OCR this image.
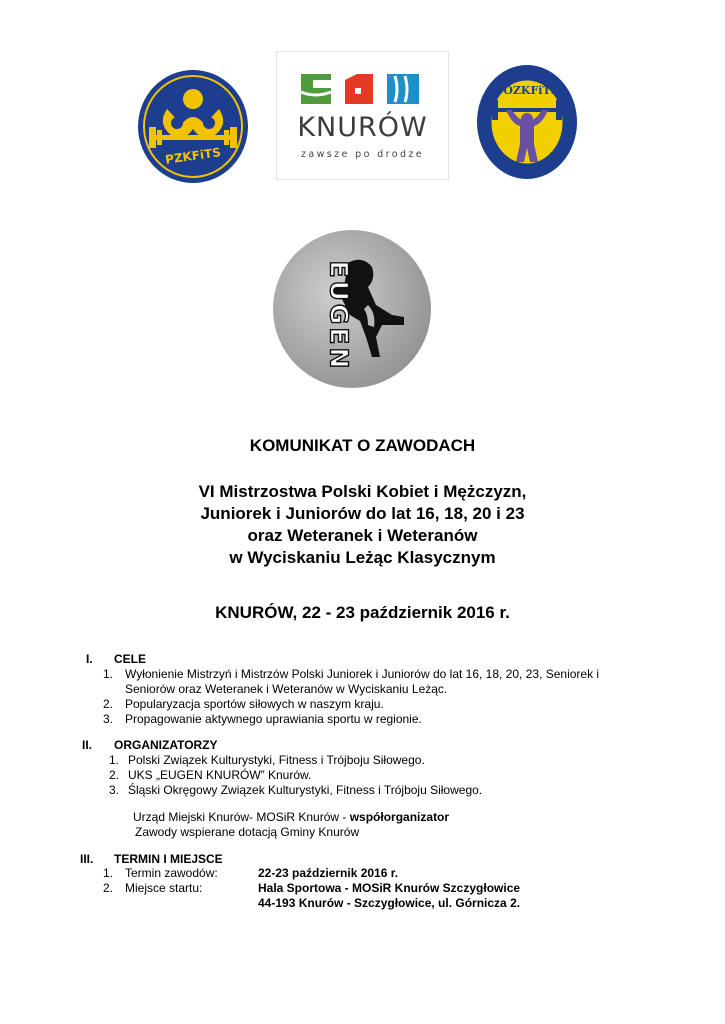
PZKFiTS
KNURÓW
zawsze po drodze
ŚOZKFiTS
EUGEN
KOMUNIKAT O ZAWODACH
VI Mistrzostwa Polski Kobiet i Mężczyzn,
Juniorek i Juniorów do lat 16, 18, 20 i 23
oraz Weteranek i Weteranów
w Wyciskaniu Leżąc Klasycznym
KNURÓW, 22 - 23 październik 2016 r.
I. CELE
1. Wyłonienie Mistrzyń i Mistrzów Polski Juniorek i Juniorów do lat 16, 18, 20, 23, Seniorek i
Seniorów oraz Weteranek i Weteranów w Wyciskaniu Leżąc.
2. Popularyzacja sportów siłowych w naszym kraju.
3. Propagowanie aktywnego uprawiania sportu w regionie.
II. ORGANIZATORZY
1. Polski Związek Kulturystyki, Fitness i Trójboju Siłowego.
2. UKS „EUGEN KNURÓW” Knurów.
3. Śląski Okręgowy Związek Kulturystyki, Fitness i Trójboju Siłowego.
Urząd Miejski Knurów- MOSiR Knurów - współorganizator
Zawody wspierane dotacją Gminy Knurów
III. TERMIN I MIEJSCE
1. Termin zawodów:	22-23 październik 2016 r.
2. Miejsce startu:	Hala Sportowa - MOSiR Knurów Szczygłowice
44-193 Knurów - Szczygłowice, ul. Górnicza 2.
